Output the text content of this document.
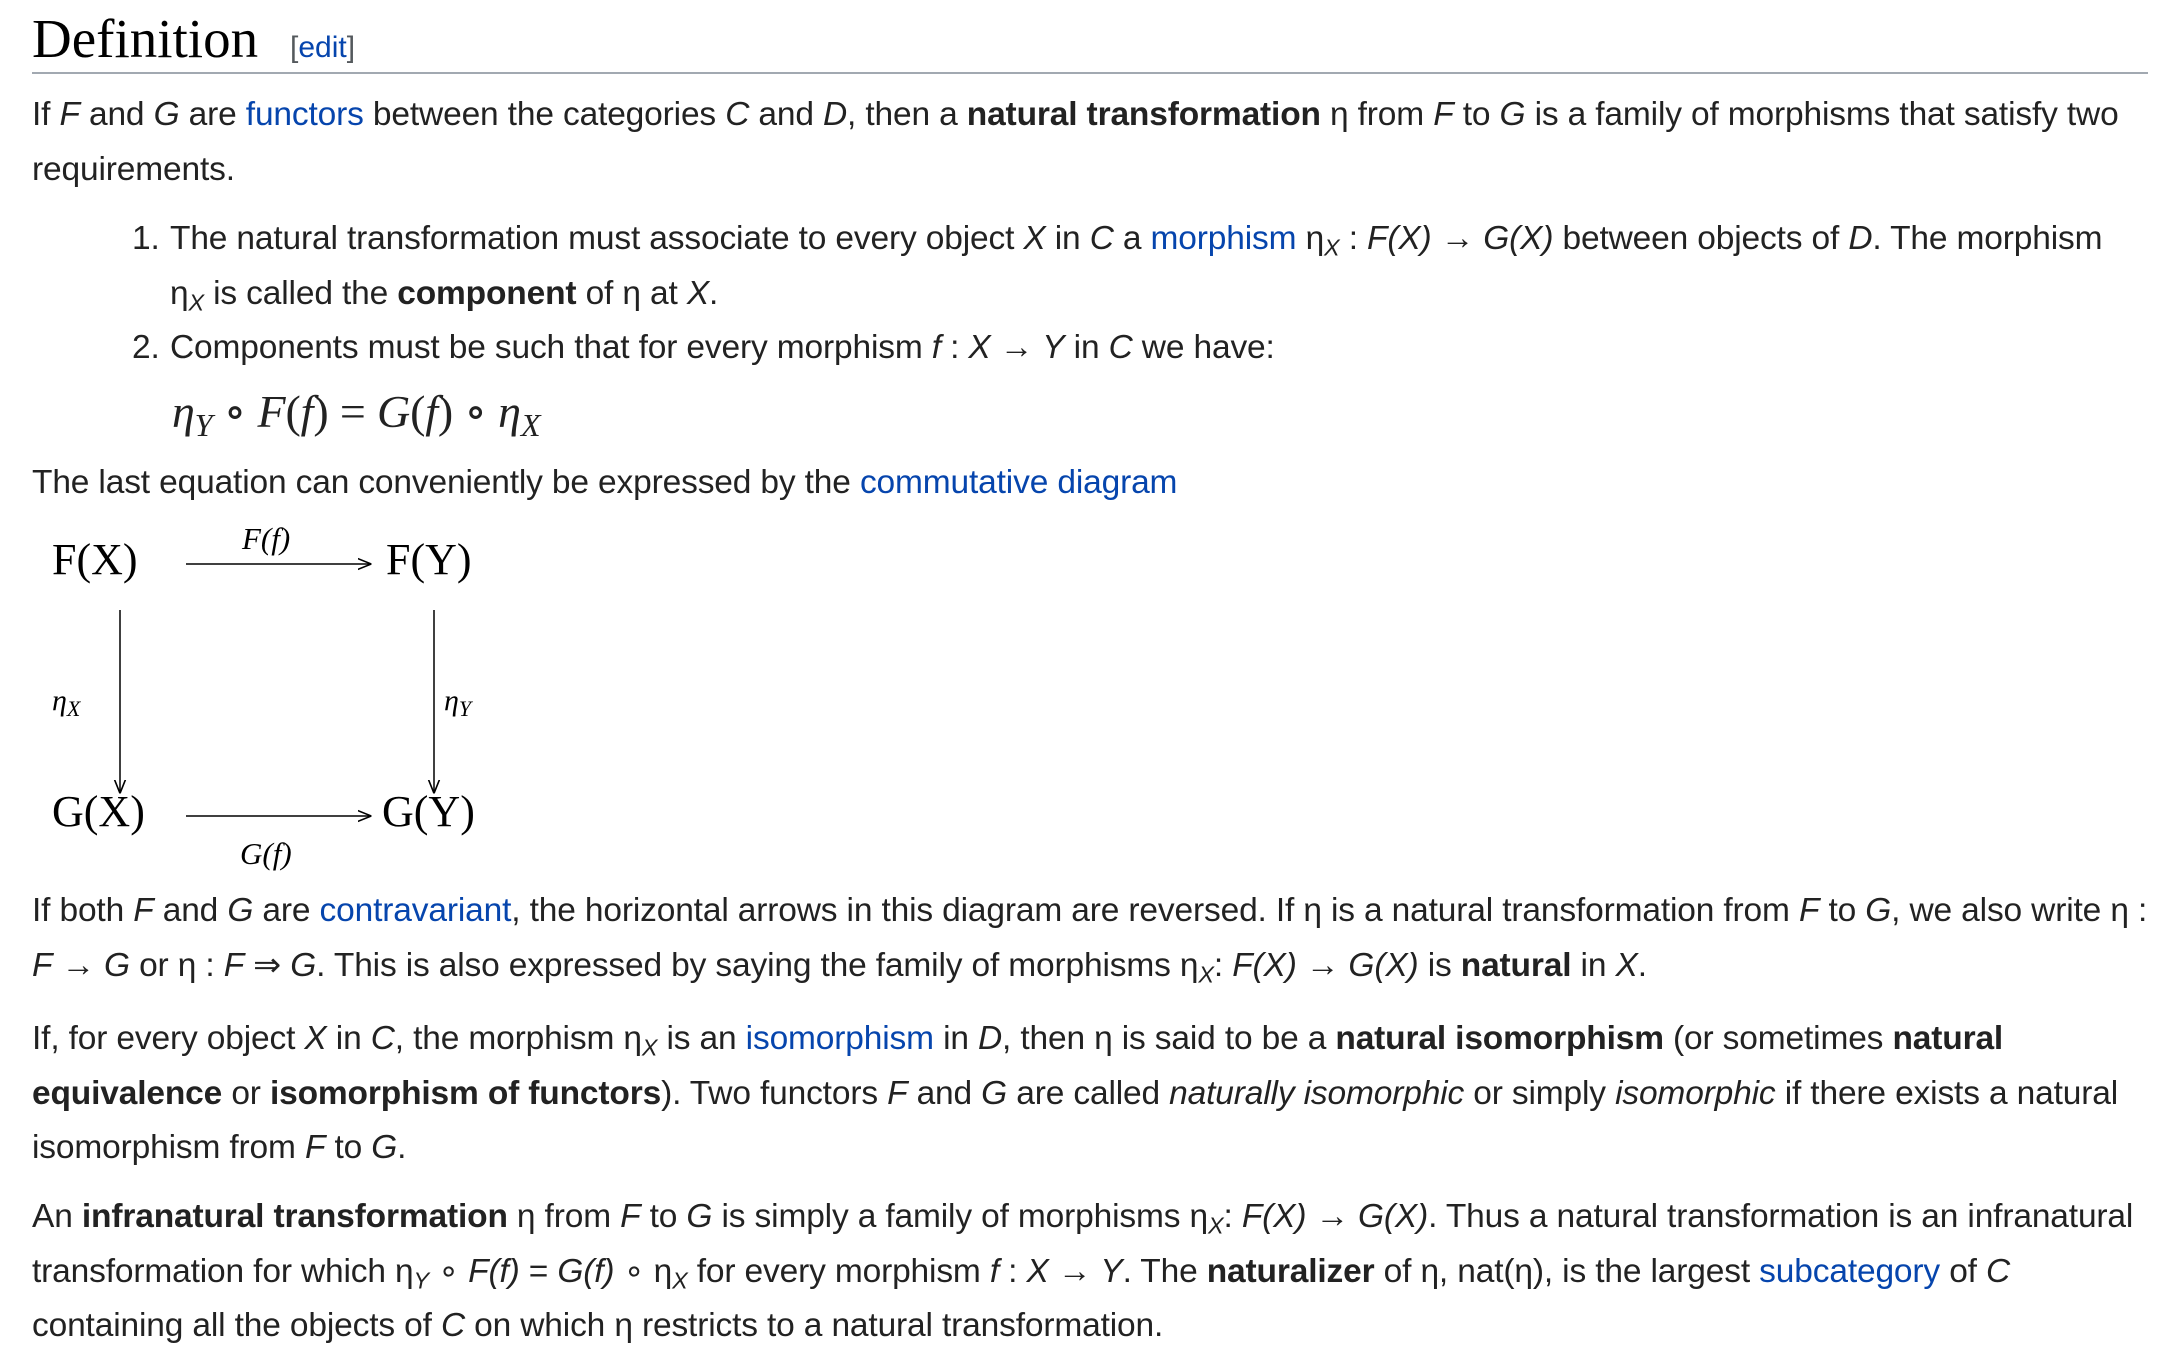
Definition [edit]

If F and G are functors between the categories C and D, then a natural transformation η from F to G is a family of morphisms that satisfy two requirements.

1. The natural transformation must associate to every object X in C a morphism $\eta_X$ : F(X) → G(X) between objects of D. The morphism $\eta_X$ is called the component of η at X.
2. Components must be such that for every morphism f : X → Y in C we have:
$\eta_Y$ ∘ F(f) = G(f) ∘ $\eta_X$

The last equation can conveniently be expressed by the commutative diagram

F(X)	F(Y)
G(X)	G(Y)
F(f)
G(f)
$\eta_X$	$\eta_Y$

If both F and G are contravariant, the horizontal arrows in this diagram are reversed. If η is a natural transformation from F to G, we also write η : F → G or η : F ⇒ G. This is also expressed by saying the family of morphisms $\eta_X$: F(X) → G(X) is natural in X.

If, for every object X in C, the morphism $\eta_X$ is an isomorphism in D, then η is said to be a natural isomorphism (or sometimes natural equivalence or isomorphism of functors). Two functors F and G are called naturally isomorphic or simply isomorphic if there exists a natural isomorphism from F to G.

An infranatural transformation η from F to G is simply a family of morphisms $\eta_X$: F(X) → G(X). Thus a natural transformation is an infranatural transformation for which $\eta_Y$ ∘ F(f) = G(f) ∘ $\eta_X$ for every morphism f : X → Y. The naturalizer of η, nat(η), is the largest subcategory of C containing all the objects of C on which η restricts to a natural transformation.
